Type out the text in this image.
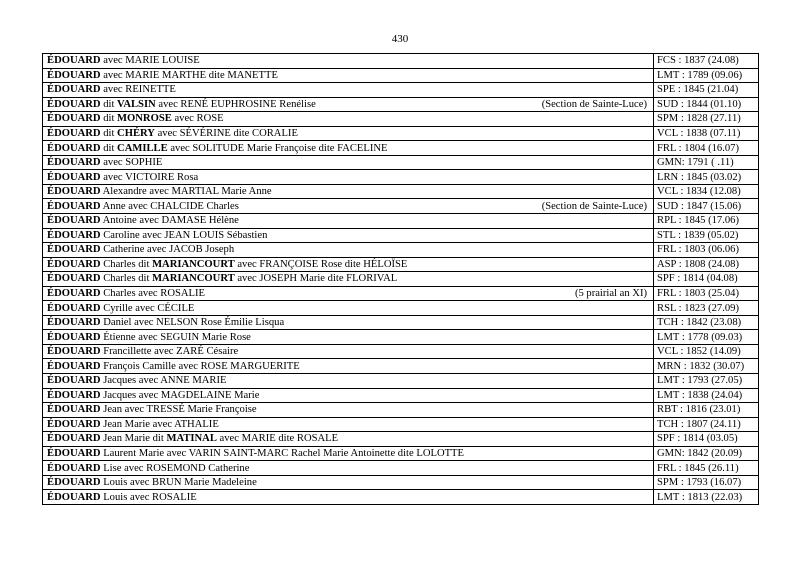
430
ÉDOUARD avec MARIE LOUISE	FCS : 1837 (24.08)

ÉDOUARD avec MARIE MARTHE dite MANETTE	LMT : 1789 (09.06)

ÉDOUARD avec REINETTE	SPE : 1845 (21.04)

ÉDOUARD dit VALSIN avec RENÉ EUPHROSINE Renélise (Section de Sainte-Luce)	SUD : 1844 (01.10)

ÉDOUARD dit MONROSE avec ROSE	SPM : 1828 (27.11)

ÉDOUARD dit CHÉRY avec SÉVÉRINE dite CORALIE	VCL : 1838 (07.11)

ÉDOUARD dit CAMILLE avec SOLITUDE Marie Françoise dite FACELINE	FRL : 1804 (16.07)

ÉDOUARD avec SOPHIE	GMN: 1791 ( .11)

ÉDOUARD avec VICTOIRE Rosa	LRN : 1845 (03.02)

ÉDOUARD Alexandre avec MARTIAL Marie Anne	VCL : 1834 (12.08)

ÉDOUARD Anne avec CHALCIDE Charles (Section de Sainte-Luce)	SUD : 1847 (15.06)

ÉDOUARD Antoine avec DAMASE Hélène	RPL : 1845 (17.06)

ÉDOUARD Caroline avec JEAN LOUIS Sébastien	STL : 1839 (05.02)

ÉDOUARD Catherine avec JACOB Joseph	FRL : 1803 (06.06)

ÉDOUARD Charles dit MARIANCOURT avec FRANÇOISE Rose dite HÉLOÏSE	ASP : 1808 (24.08)

ÉDOUARD Charles dit MARIANCOURT avec JOSEPH Marie dite FLORIVAL	SPF : 1814 (04.08)

ÉDOUARD Charles avec ROSALIE (5 prairial an XI)	FRL : 1803 (25.04)

ÉDOUARD Cyrille avec CÉCILE	RSL : 1823 (27.09)

ÉDOUARD Daniel avec NELSON Rose Émilie Lisqua	TCH : 1842 (23.08)

ÉDOUARD Étienne avec SEGUIN Marie Rose	LMT : 1778 (09.03)

ÉDOUARD Francillette avec ZARÉ Césaire	VCL : 1852 (14.09)

ÉDOUARD François Camille avec ROSE MARGUERITE	MRN : 1832 (30.07)

ÉDOUARD Jacques avec ANNE MARIE	LMT : 1793 (27.05)

ÉDOUARD Jacques avec MAGDELAINE Marie	LMT : 1838 (24.04)

ÉDOUARD Jean avec TRESSÉ Marie Françoise	RBT : 1816 (23.01)

ÉDOUARD Jean Marie avec ATHALIE	TCH : 1807 (24.11)

ÉDOUARD Jean Marie dit MATINAL avec MARIE dite ROSALE	SPF : 1814 (03.05)

ÉDOUARD Laurent Marie avec VARIN SAINT-MARC Rachel Marie Antoinette dite LOLOTTE	GMN: 1842 (20.09)

ÉDOUARD Lise avec ROSEMOND Catherine	FRL : 1845 (26.11)

ÉDOUARD Louis avec BRUN Marie Madeleine	SPM : 1793 (16.07)

ÉDOUARD Louis avec ROSALIE	LMT : 1813 (22.03)
